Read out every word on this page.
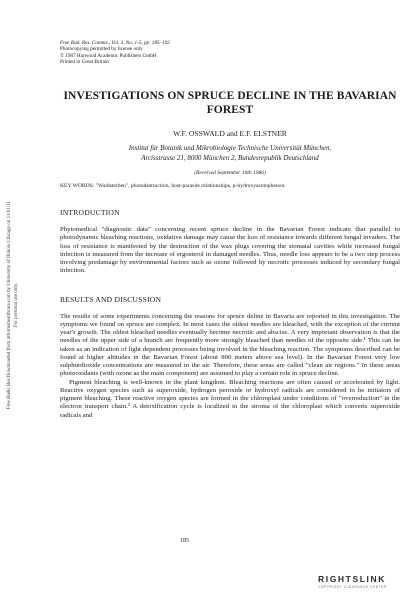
Free Radic Res Downloaded from informahealthcare.com by University of Illinois Chicago on 11/01/11 For personal use only.
Free Rad. Res. Comms., Vol. 3, No. 1-5, pp. 185–192
Photocopying permitted by license only
© 1987 Harwood Academic Publishers GmbH
Printed in Great Britain
INVESTIGATIONS ON SPRUCE DECLINE IN THE BAVARIAN FOREST
W.F. OSSWALD and E.F. ELSTNER
Institut für Botanik und Mikrobiologie Technische Universität München,
Arcisstrasse 21, 8000 München 2, Bundesrepublik Deutschland
(Received September 10th 1986)
KEY WORDS: "Waldsterben", photodestruction, host-parasite relationships, p-hydroxyacetophenon.
INTRODUCTION
Phytomedical "diagnostic data" concerning recent spruce decline in the Bavarian Forest indicate that parallel to photodynamic bleaching reactions, oxidative damage may cause the loss of resistance towards different fungal invaders. The loss of resistance is manifested by the destruction of the wax plugs covering the stomatal cavities while increased fungal infection is measured from the increase of ergosterol in damaged needles. Thus, needle loss appears to be a two step process involving predamage by environmental factors such as ozone followed by necrotic processes induced by secondary fungal infection.
RESULTS AND DISCUSSION
The results of some experiments concerning the reasons for spruce deline in Bavaria are reported in this investigation. The symptoms we found on spruce are complex. In most cases the oldest needles are bleached, with the exception of the current year's growth. The oldest bleached needles eventually become necrotic and abscise. A very important observation is that the needles of the upper side of a branch are frequently more strongly bleached than needles of the opposite side.¹ This can be taken as an indication of light dependent processes being involved in the bleaching reaction. The symptoms described can be found at higher altitudes in the Bavarian Forest (about 800 meters above sea level). In the Bavarian Forest very low sulphurdioxide concentrations are measured in the air. Therefore, these areas are called "clean air regions." In these areas photooxidants (with ozone as the main component) are assumed to play a certain role in spruce decline.
Pigment bleaching is well-known in the plant kingdom. Bleaching reactions are often caused or accelerated by light. Reactive oxygen species such as superoxide, hydrogen peroxide or hydroxyl radicals are considered to be initiators of pigment bleaching. These reactive oxygen species are formed in the chloroplast under conditions of "overreduction" in the electron transport chain.² A detoxification cycle is localized in the stroma of the chloroplast which converts superoxide radicals and
185
RIGHTSLINK
COPYRIGHT CLEARANCE CENTER
